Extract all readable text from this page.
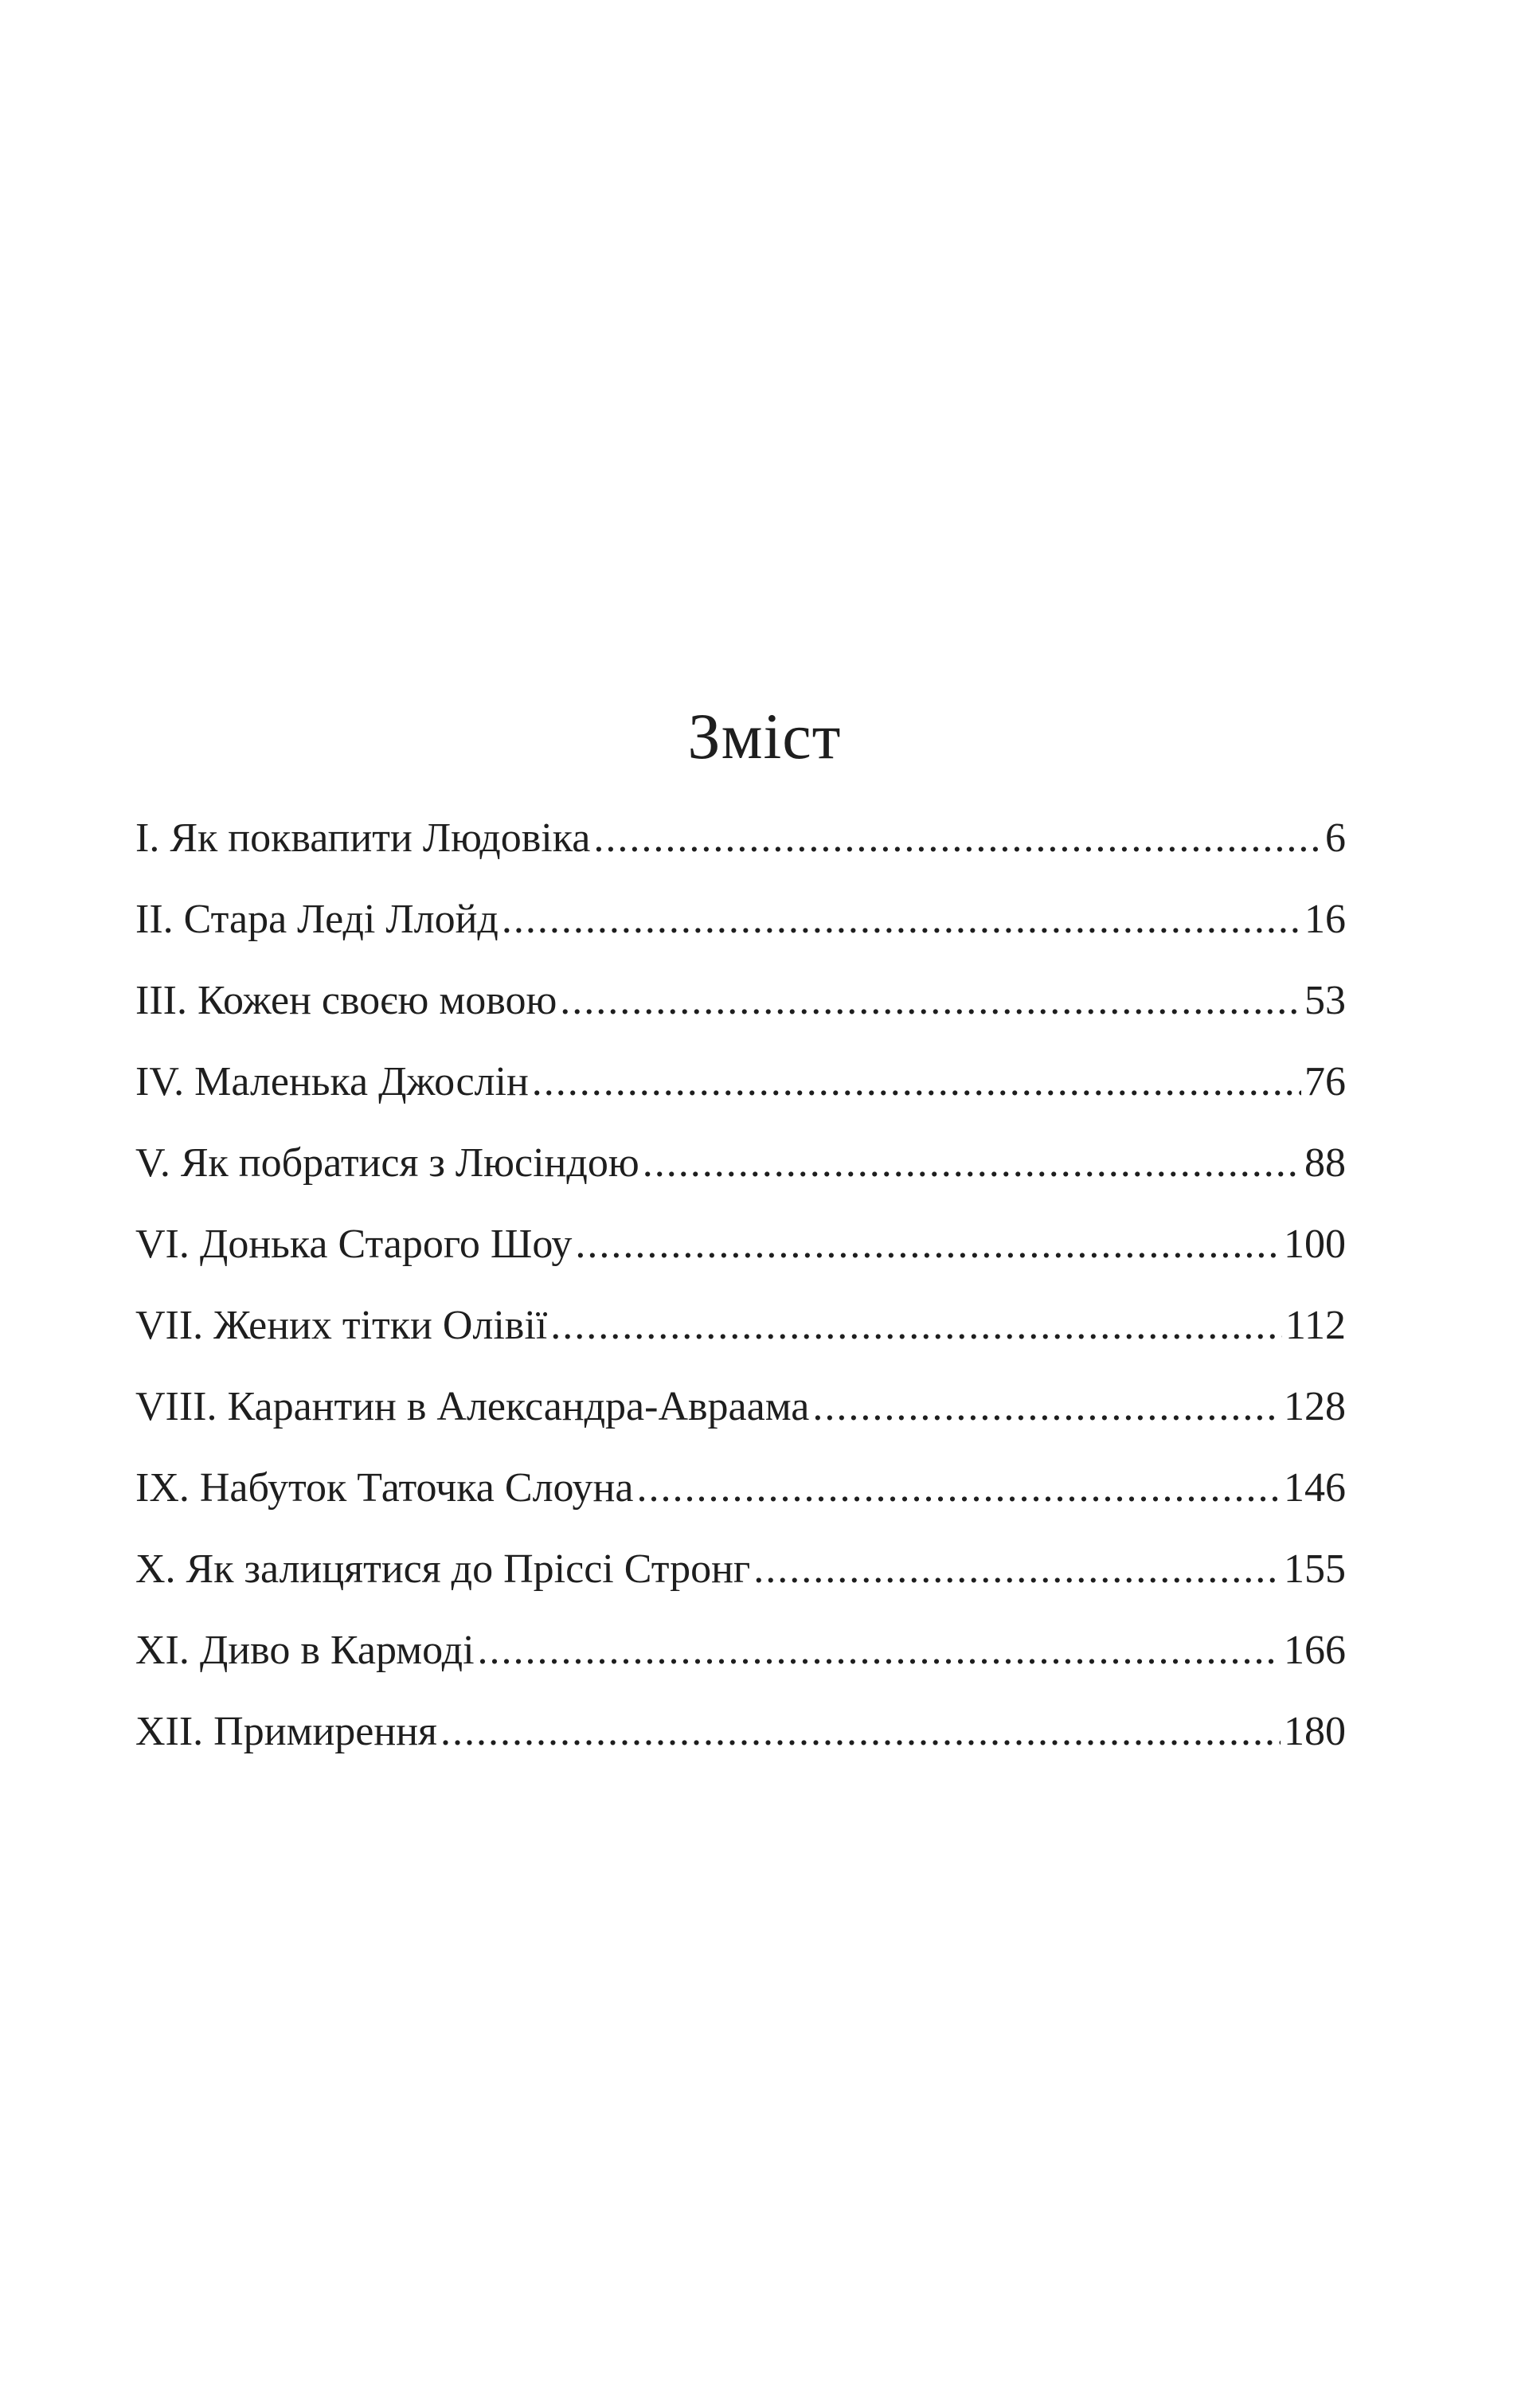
Зміст
I. Як поквапити Людовіка .....	6
II. Стара Леді Ллойд .....	16
III. Кожен своєю мовою .....	53
IV. Маленька Джослін .....	76
V. Як побратися з Люсіндою .....	88
VI. Донька Старого Шоу .....	100
VII. Жених тітки Олівії .....	112
VIII. Карантин в Александра-Авраама .....	128
IX. Набуток Таточка Слоуна .....	146
X. Як залицятися до Пріссі Стронг .....	155
XI. Диво в Кармоді .....	166
XII. Примирення .....	180
